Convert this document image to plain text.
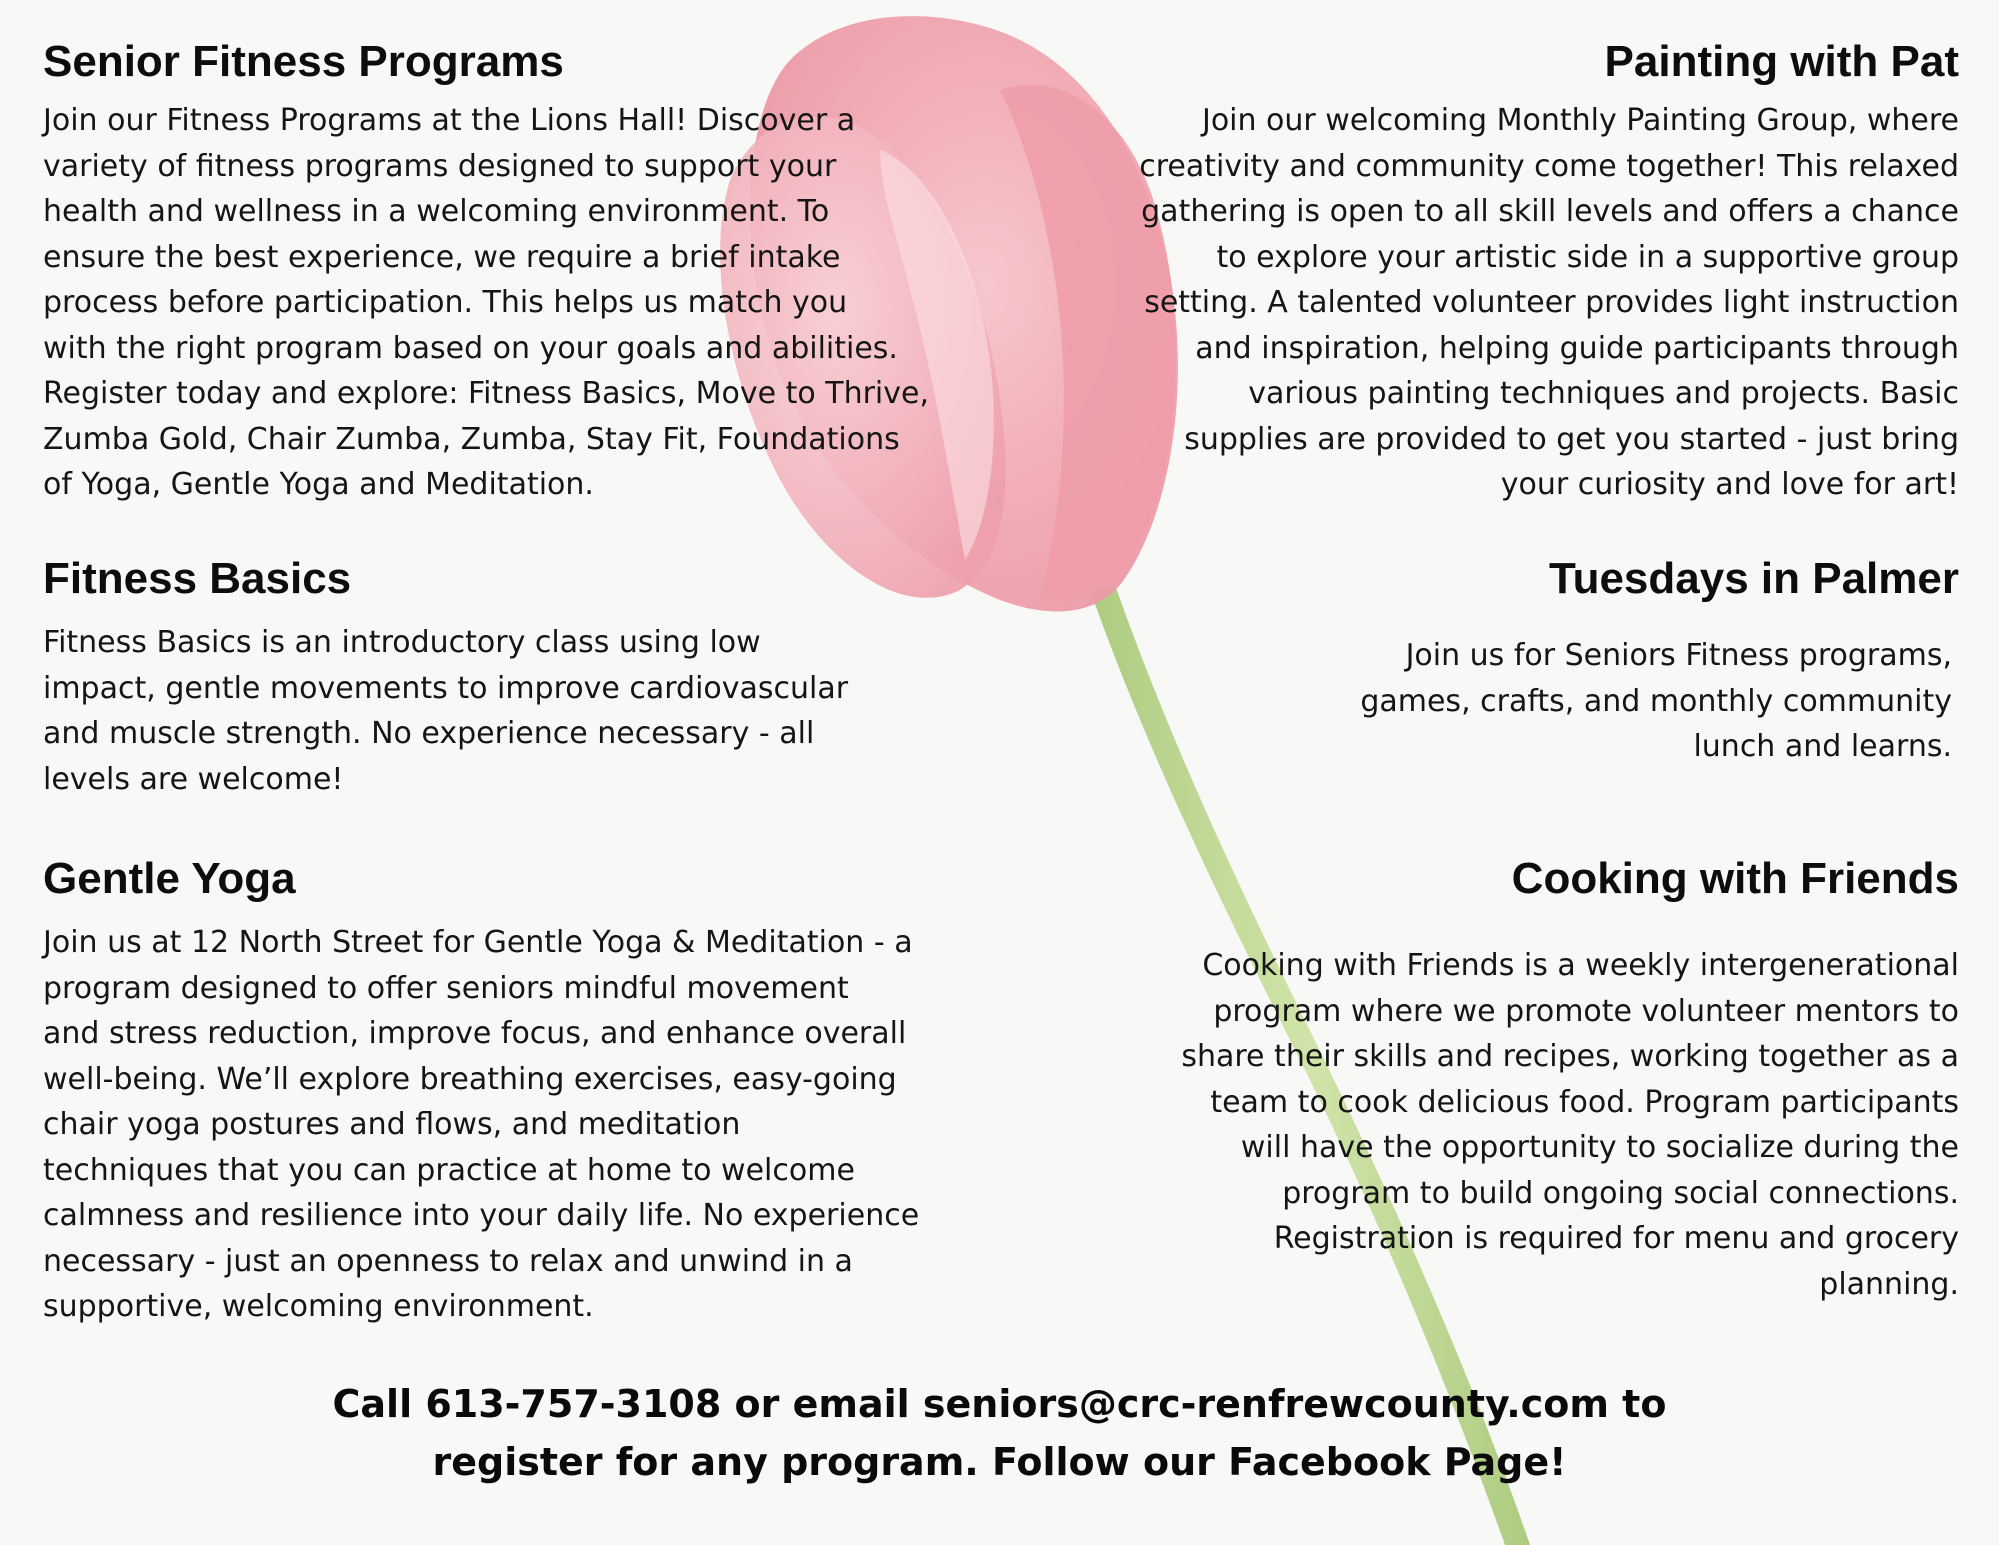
Senior Fitness Programs

Join our Fitness Programs at the Lions Hall! Discover a
variety of fitness programs designed to support your
health and wellness in a welcoming environment. To
ensure the best experience, we require a brief intake
process before participation. This helps us match you
with the right program based on your goals and abilities.
Register today and explore: Fitness Basics, Move to Thrive,
Zumba Gold, Chair Zumba, Zumba, Stay Fit, Foundations
of Yoga, Gentle Yoga and Meditation.

Fitness Basics

Fitness Basics is an introductory class using low
impact, gentle movements to improve cardiovascular
and muscle strength. No experience necessary - all
levels are welcome!

Gentle Yoga

Join us at 12 North Street for Gentle Yoga & Meditation - a
program designed to offer seniors mindful movement
and stress reduction, improve focus, and enhance overall
well-being. We’ll explore breathing exercises, easy-going
chair yoga postures and flows, and meditation
techniques that you can practice at home to welcome
calmness and resilience into your daily life. No experience
necessary - just an openness to relax and unwind in a
supportive, welcoming environment.

Painting with Pat

Join our welcoming Monthly Painting Group, where
creativity and community come together! This relaxed
gathering is open to all skill levels and offers a chance
to explore your artistic side in a supportive group
setting. A talented volunteer provides light instruction
and inspiration, helping guide participants through
various painting techniques and projects. Basic
supplies are provided to get you started - just bring
your curiosity and love for art!

Tuesdays in Palmer

Join us for Seniors Fitness programs,
games, crafts, and monthly community
lunch and learns.

Cooking with Friends

Cooking with Friends is a weekly intergenerational
program where we promote volunteer mentors to
share their skills and recipes, working together as a
team to cook delicious food. Program participants
will have the opportunity to socialize during the
program to build ongoing social connections.
Registration is required for menu and grocery
planning.

Call 613-757-3108 or email seniors@crc-renfrewcounty.com to
register for any program. Follow our Facebook Page!
